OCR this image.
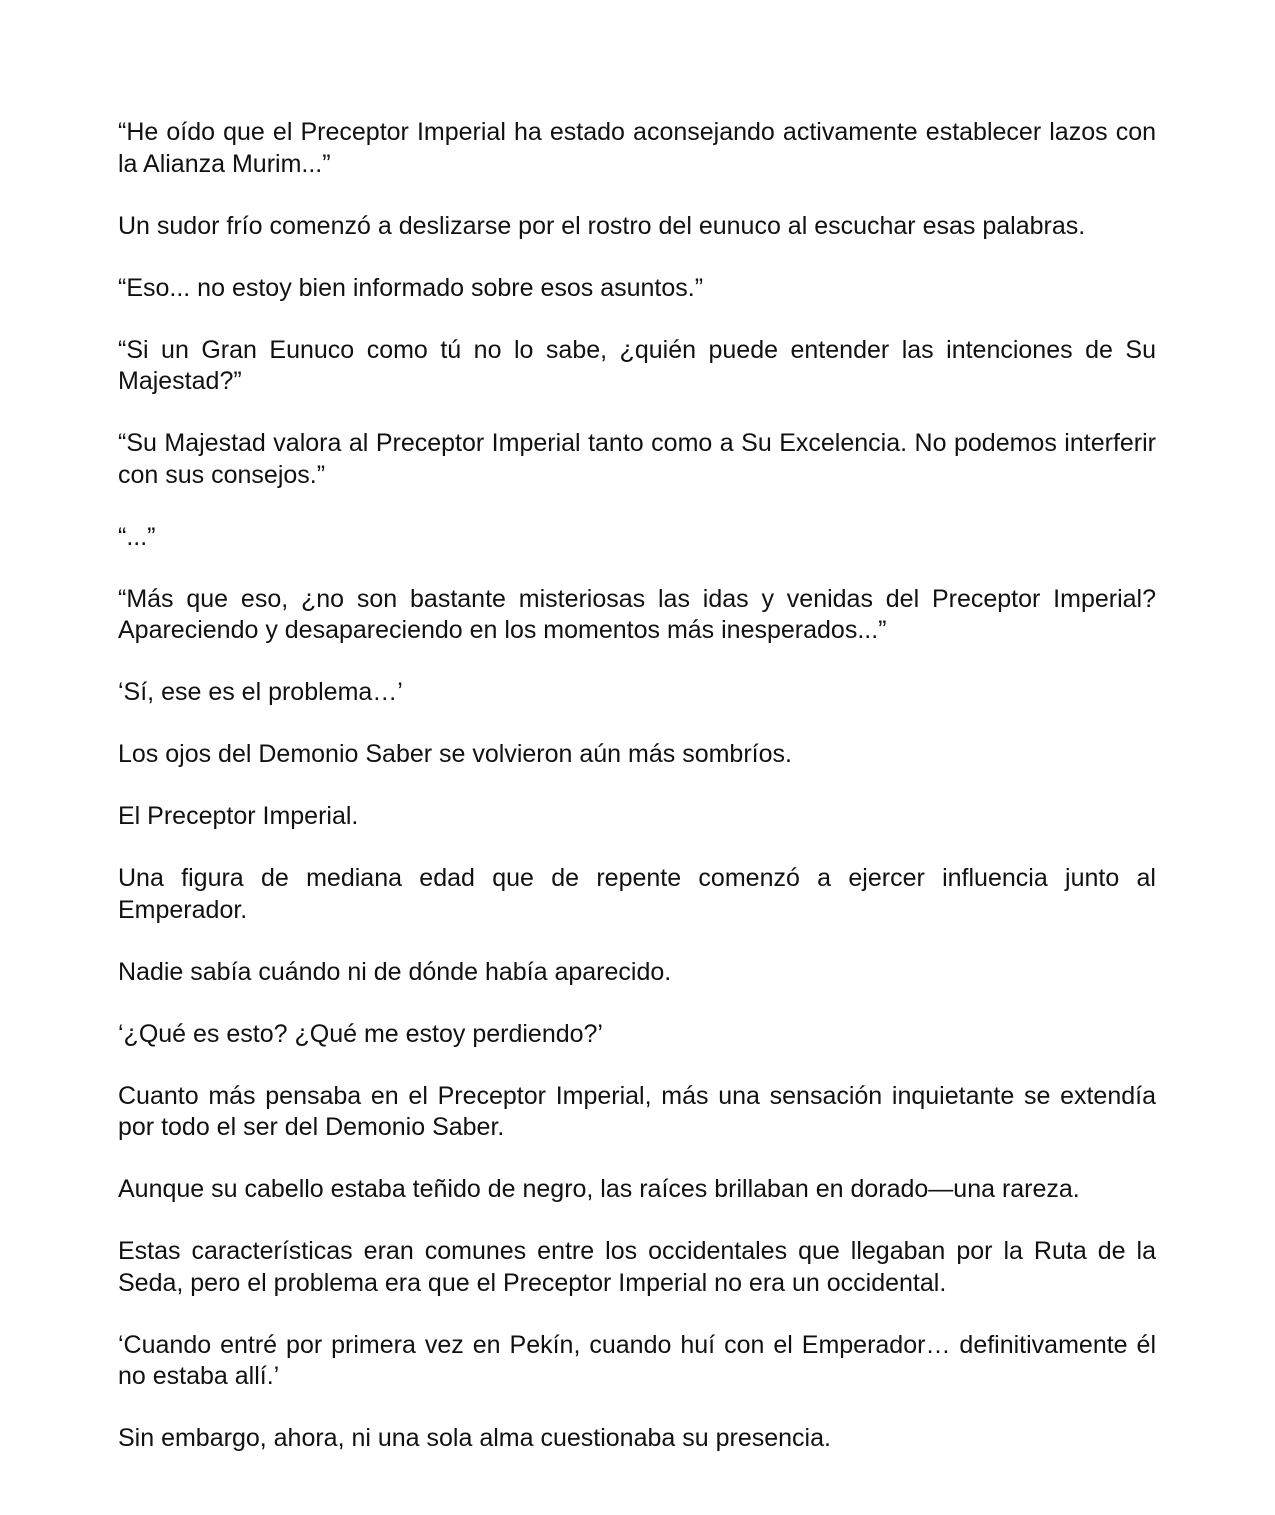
“He oído que el Preceptor Imperial ha estado aconsejando activamente establecer lazos con la Alianza Murim...”

Un sudor frío comenzó a deslizarse por el rostro del eunuco al escuchar esas palabras.

“Eso... no estoy bien informado sobre esos asuntos.”

“Si un Gran Eunuco como tú no lo sabe, ¿quién puede entender las intenciones de Su Majestad?”

“Su Majestad valora al Preceptor Imperial tanto como a Su Excelencia. No podemos interferir con sus consejos.”

“...”

“Más que eso, ¿no son bastante misteriosas las idas y venidas del Preceptor Imperial? Apareciendo y desapareciendo en los momentos más inesperados...”

‘Sí, ese es el problema…’

Los ojos del Demonio Saber se volvieron aún más sombríos.

El Preceptor Imperial.

Una figura de mediana edad que de repente comenzó a ejercer influencia junto al Emperador.

Nadie sabía cuándo ni de dónde había aparecido.

‘¿Qué es esto? ¿Qué me estoy perdiendo?’

Cuanto más pensaba en el Preceptor Imperial, más una sensación inquietante se extendía por todo el ser del Demonio Saber.

Aunque su cabello estaba teñido de negro, las raíces brillaban en dorado—una rareza.

Estas características eran comunes entre los occidentales que llegaban por la Ruta de la Seda, pero el problema era que el Preceptor Imperial no era un occidental.

‘Cuando entré por primera vez en Pekín, cuando huí con el Emperador… definitivamente él no estaba allí.’

Sin embargo, ahora, ni una sola alma cuestionaba su presencia.
